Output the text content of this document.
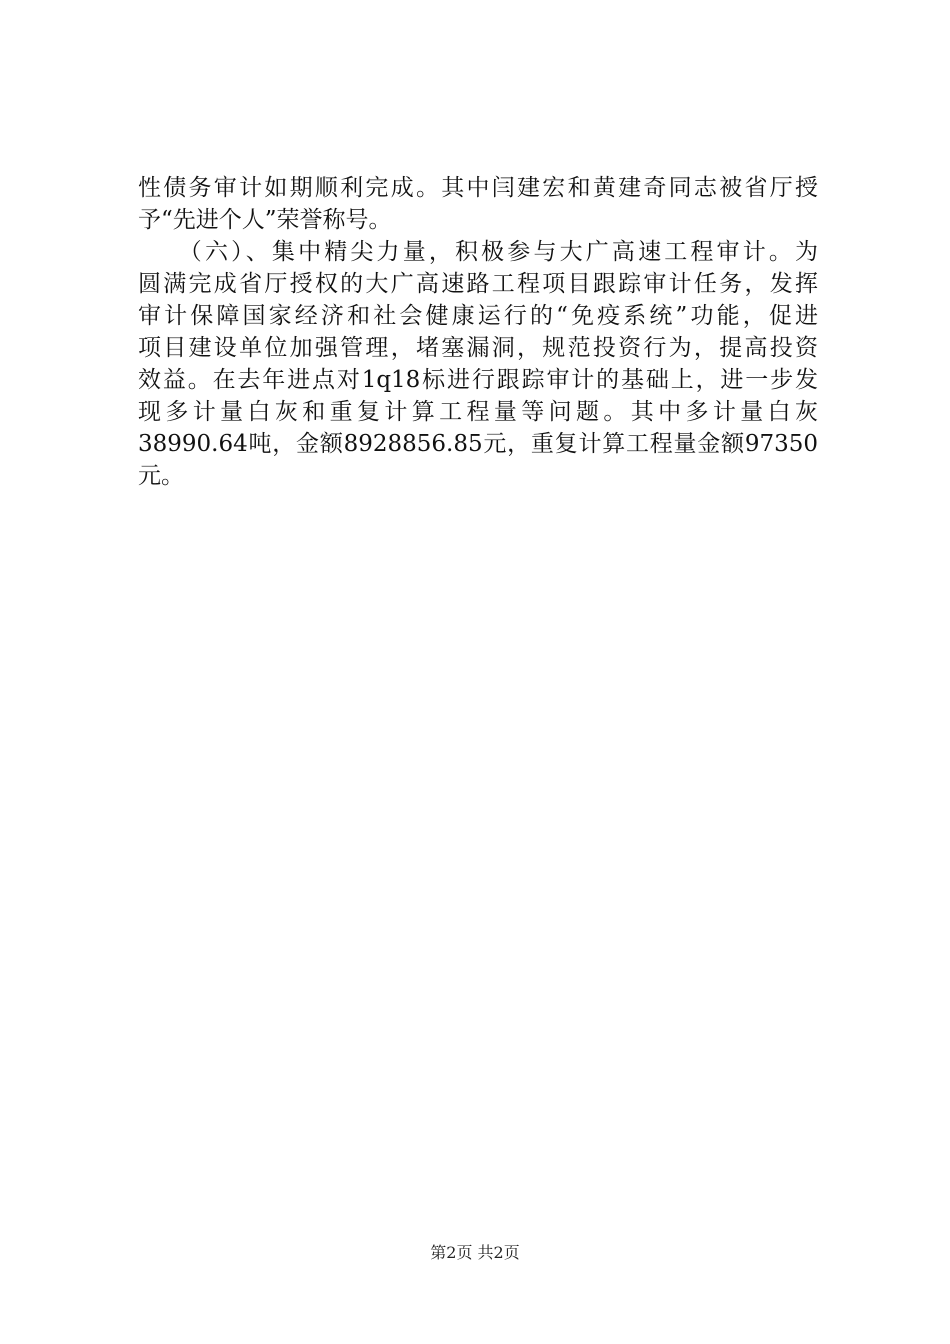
性债务审计如期顺利完成。其中闫建宏和黄建奇同志被省厅授
予“先进个人”荣誉称号。
　　（六）、集中精尖力量，积极参与大广高速工程审计。为
圆满完成省厅授权的大广高速路工程项目跟踪审计任务，发挥
审计保障国家经济和社会健康运行的“免疫系统”功能，促进
项目建设单位加强管理，堵塞漏洞，规范投资行为，提高投资
效益。在去年进点对1q18标进行跟踪审计的基础上，进一步发
现多计量白灰和重复计算工程量等问题。其中多计量白灰
38990.64吨，金额8928856.85元，重复计算工程量金额97350
元。
第2页 共2页
